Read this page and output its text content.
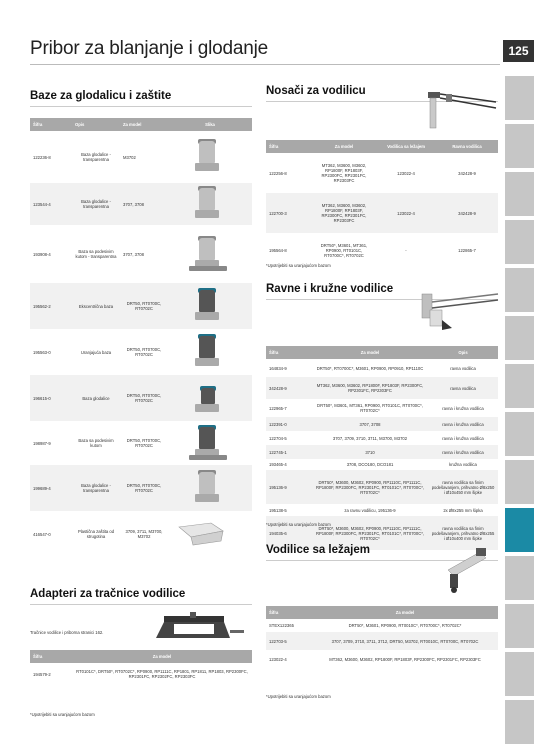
Pribor za blanjanje i glodanje	125
Baze za glodalicu i zaštite
Šifra	Opis	Za model	Slika
122236-8	Baza glodalice - transparentna	M3702	

123544-4	Baza glodalice - transparentna	3707, 3708	

193908-4	Baza sa podesivim kutom - transparentna	3707, 3708	

195562-2	Ekscentrična baza	DRT50, RT0700C, RT0702C	

195563-0	Uranjajuća baza	DRT50, RT0700C, RT0702C	

196615-0	Baza glodalice	DRT50, RT0700C, RT0702C	

198987-9	Baza sa podesivim kutom	DRT50, RT0700C, RT0702C	

199689-4	Baza glodalice - transparentna	DRT50, RT0700C, RT0702C	

416547-0	Plastična zaštita od strugotina	3709, 3711, M3700, M3702	
Adapteri za tračnice vodilice
Tračnice vodilice i priborna stranici 162.
Šifra	Za model
194579-2	RT0101C*, DRT50*, RT0702C*, RP0900, RP1111C, RP1801, RP1811, RP1803, RP2300FC, RP2301FC, RP2302FC, RP2303FC
*Upotrijebiti sa uranjajućom bazom
Nosači za vodilicu
Šifra	Za model	Vodilica sa ležajem	Ravna vodilica
122256-8	MT362, M3600, M3602, RP1800F, RP1803F, RP2300FC, RP2301FC, RP2303FC	123022-4	342428-9
122700-3	MT362, M3600, M3602, RP1800F, RP1803F, RP2300FC, RP2301FC, RP2303FC	123022-4	342428-9
195564-8	DRT50*, M3601, MT361, RP0900, RT0101C, RT0700C*, RT0702C	-	122865-7
*Upotrijebiti sa uranjajućom bazom
Ravne i kružne vodilice
Šifra	Za model	Opis
164834-9	DRT50*, RT0700C*, M3601, RP0900, RP0910, RP1110C	ravna vodilica
342428-9	MT362, M3600, M3602, RP1800F, RP1803F, RP2300FC, RP2301FC, RP2303FC	ravna vodilica
122965-7	DRT50*, M3601, MT361, RP0900, RT0101C, RT0700C*, RT0702C*	ravna i kružna vodilica
122391-0	3707, 3708	ravna i kružna vodilica
122704-5	3707, 3709, 3710, 3711, M3700, M3702	ravna i kružna vodilica
122745-1	3710	ravna i kružna vodilica
193465-4	3708, DCO180, DCO181	kružna vodilica
195136-9	DRT50*, M3600, M3602, RP0900, RP1110C, RP1111C, RP1800F, RP2300FC, RP2301FC, RT0101C*, RT0700C*, RT0702C*	ravna vodilica sa finim podešavanjem, prihvatno Ø8x250 i Ø10x450 mm šipke
195138-5	za ravnu vodilicu, 195136-9	2x Ø8x255 mm šipka
194035-6	DRT50*, M3600, M3602, RP0900, RP1110C, RP1111C, RP1800F, RP2300FC, RP2301FC, RT0101C*, RT0700C*, RT0702C*	ravna vodilica sa finim podešavanjem, prihvatno Ø8x255 i Ø10x400 mm šipke
*Upotrijebiti sa uranjajućom bazom
Vodilice sa ležajem
Šifra	Za model
STEX122365	DRT50*, M3601, RP0900, RT0010C*, RT0700C*, RT0702C*
122703-5	3707, 3709, 3710, 3711, 3712, DRT50, M3702, RT0010C, RT0700C, RT0702C
123022-4	MT362, M3600, M3602, RP1800F, RP1803F, RP2300FC, RP2301FC, RP2303FC
*Upotrijebiti sa uranjajućom bazom
